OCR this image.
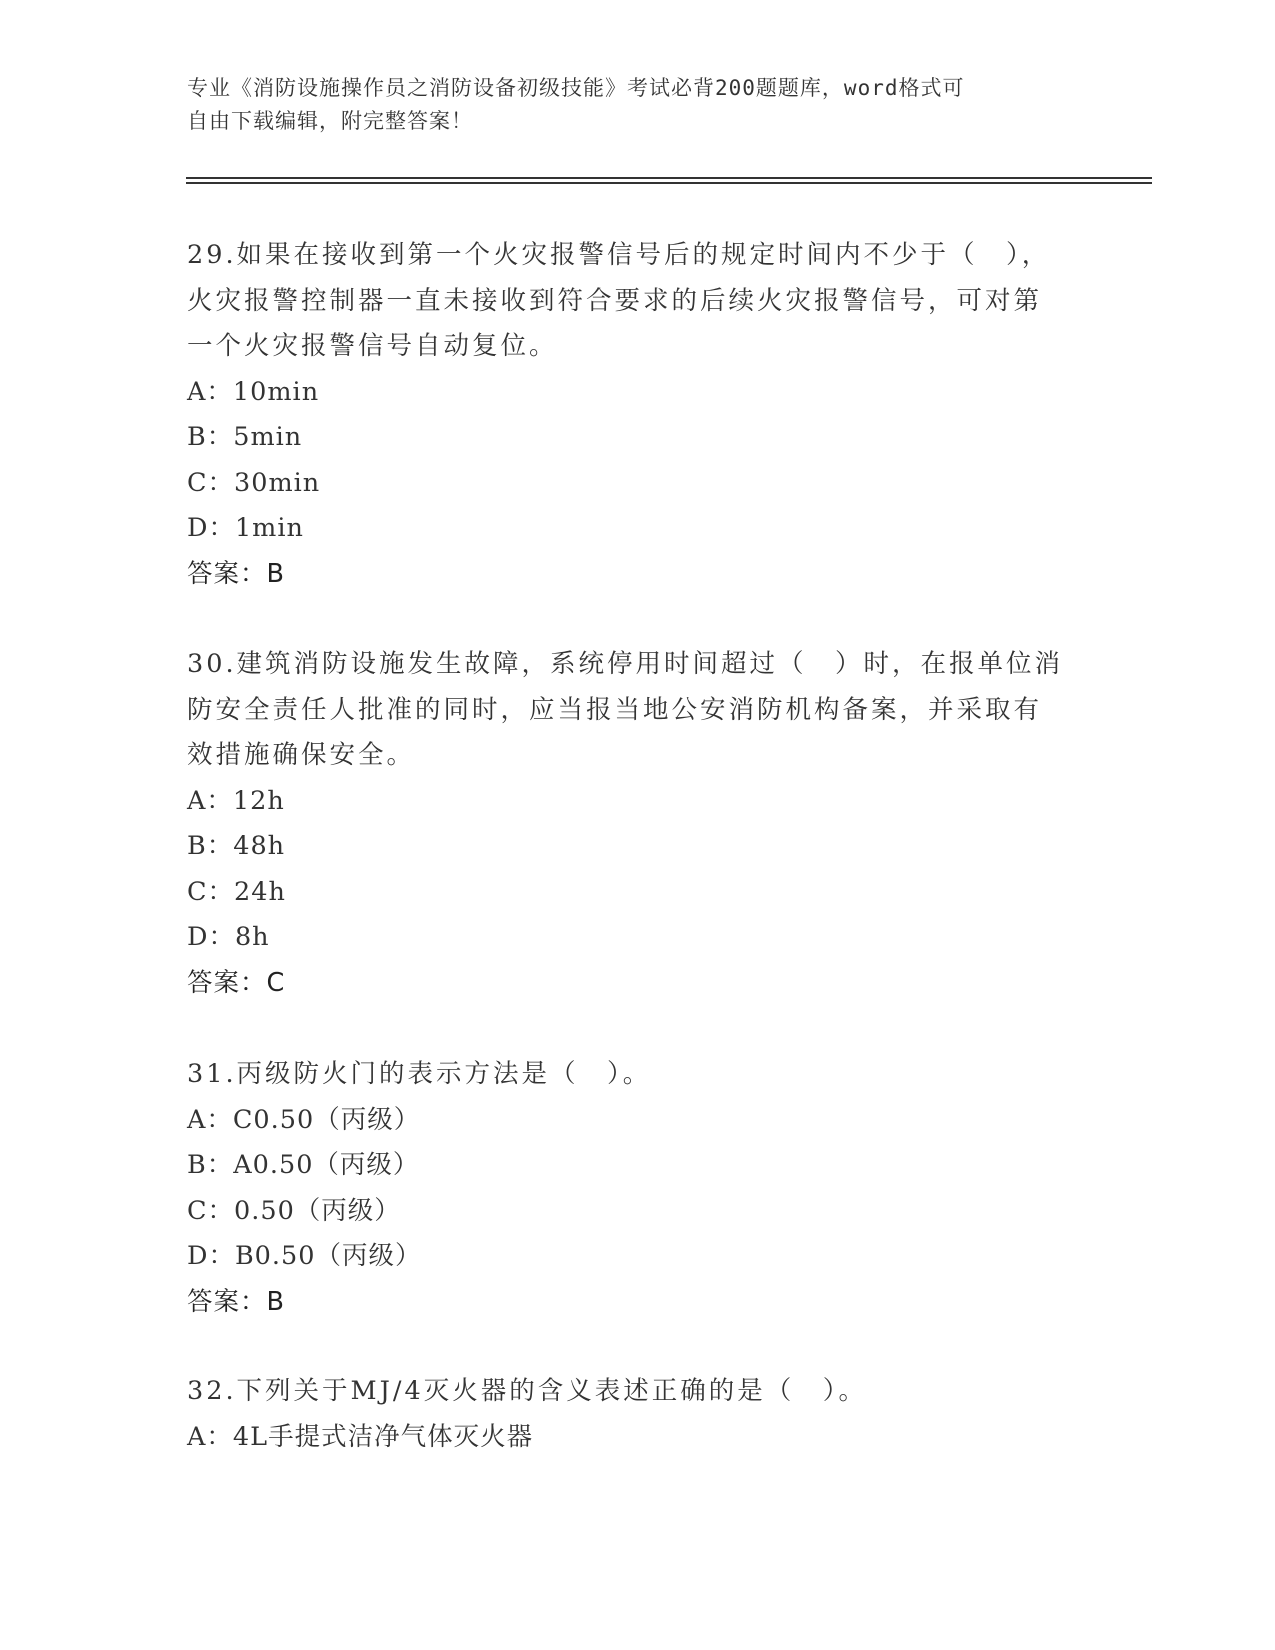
专业《消防设施操作员之消防设备初级技能》考试必背200题题库，word格式可
自由下载编辑，附完整答案！

29.如果在接收到第一个火灾报警信号后的规定时间内不少于（　），

火灾报警控制器一直未接收到符合要求的后续火灾报警信号，可对第

一个火灾报警信号自动复位。

A：10min

B：5min

C：30min

D：1min

答案：B

30.建筑消防设施发生故障，系统停用时间超过（　）时，在报单位消

防安全责任人批准的同时，应当报当地公安消防机构备案，并采取有

效措施确保安全。

A：12h

B：48h

C：24h

D：8h

答案：C

31.丙级防火门的表示方法是（　）。

A：C0.50（丙级）

B：A0.50（丙级）

C：0.50（丙级）

D：B0.50（丙级）

答案：B

32.下列关于MJ/4灭火器的含义表述正确的是（　）。

A：4L手提式洁净气体灭火器
